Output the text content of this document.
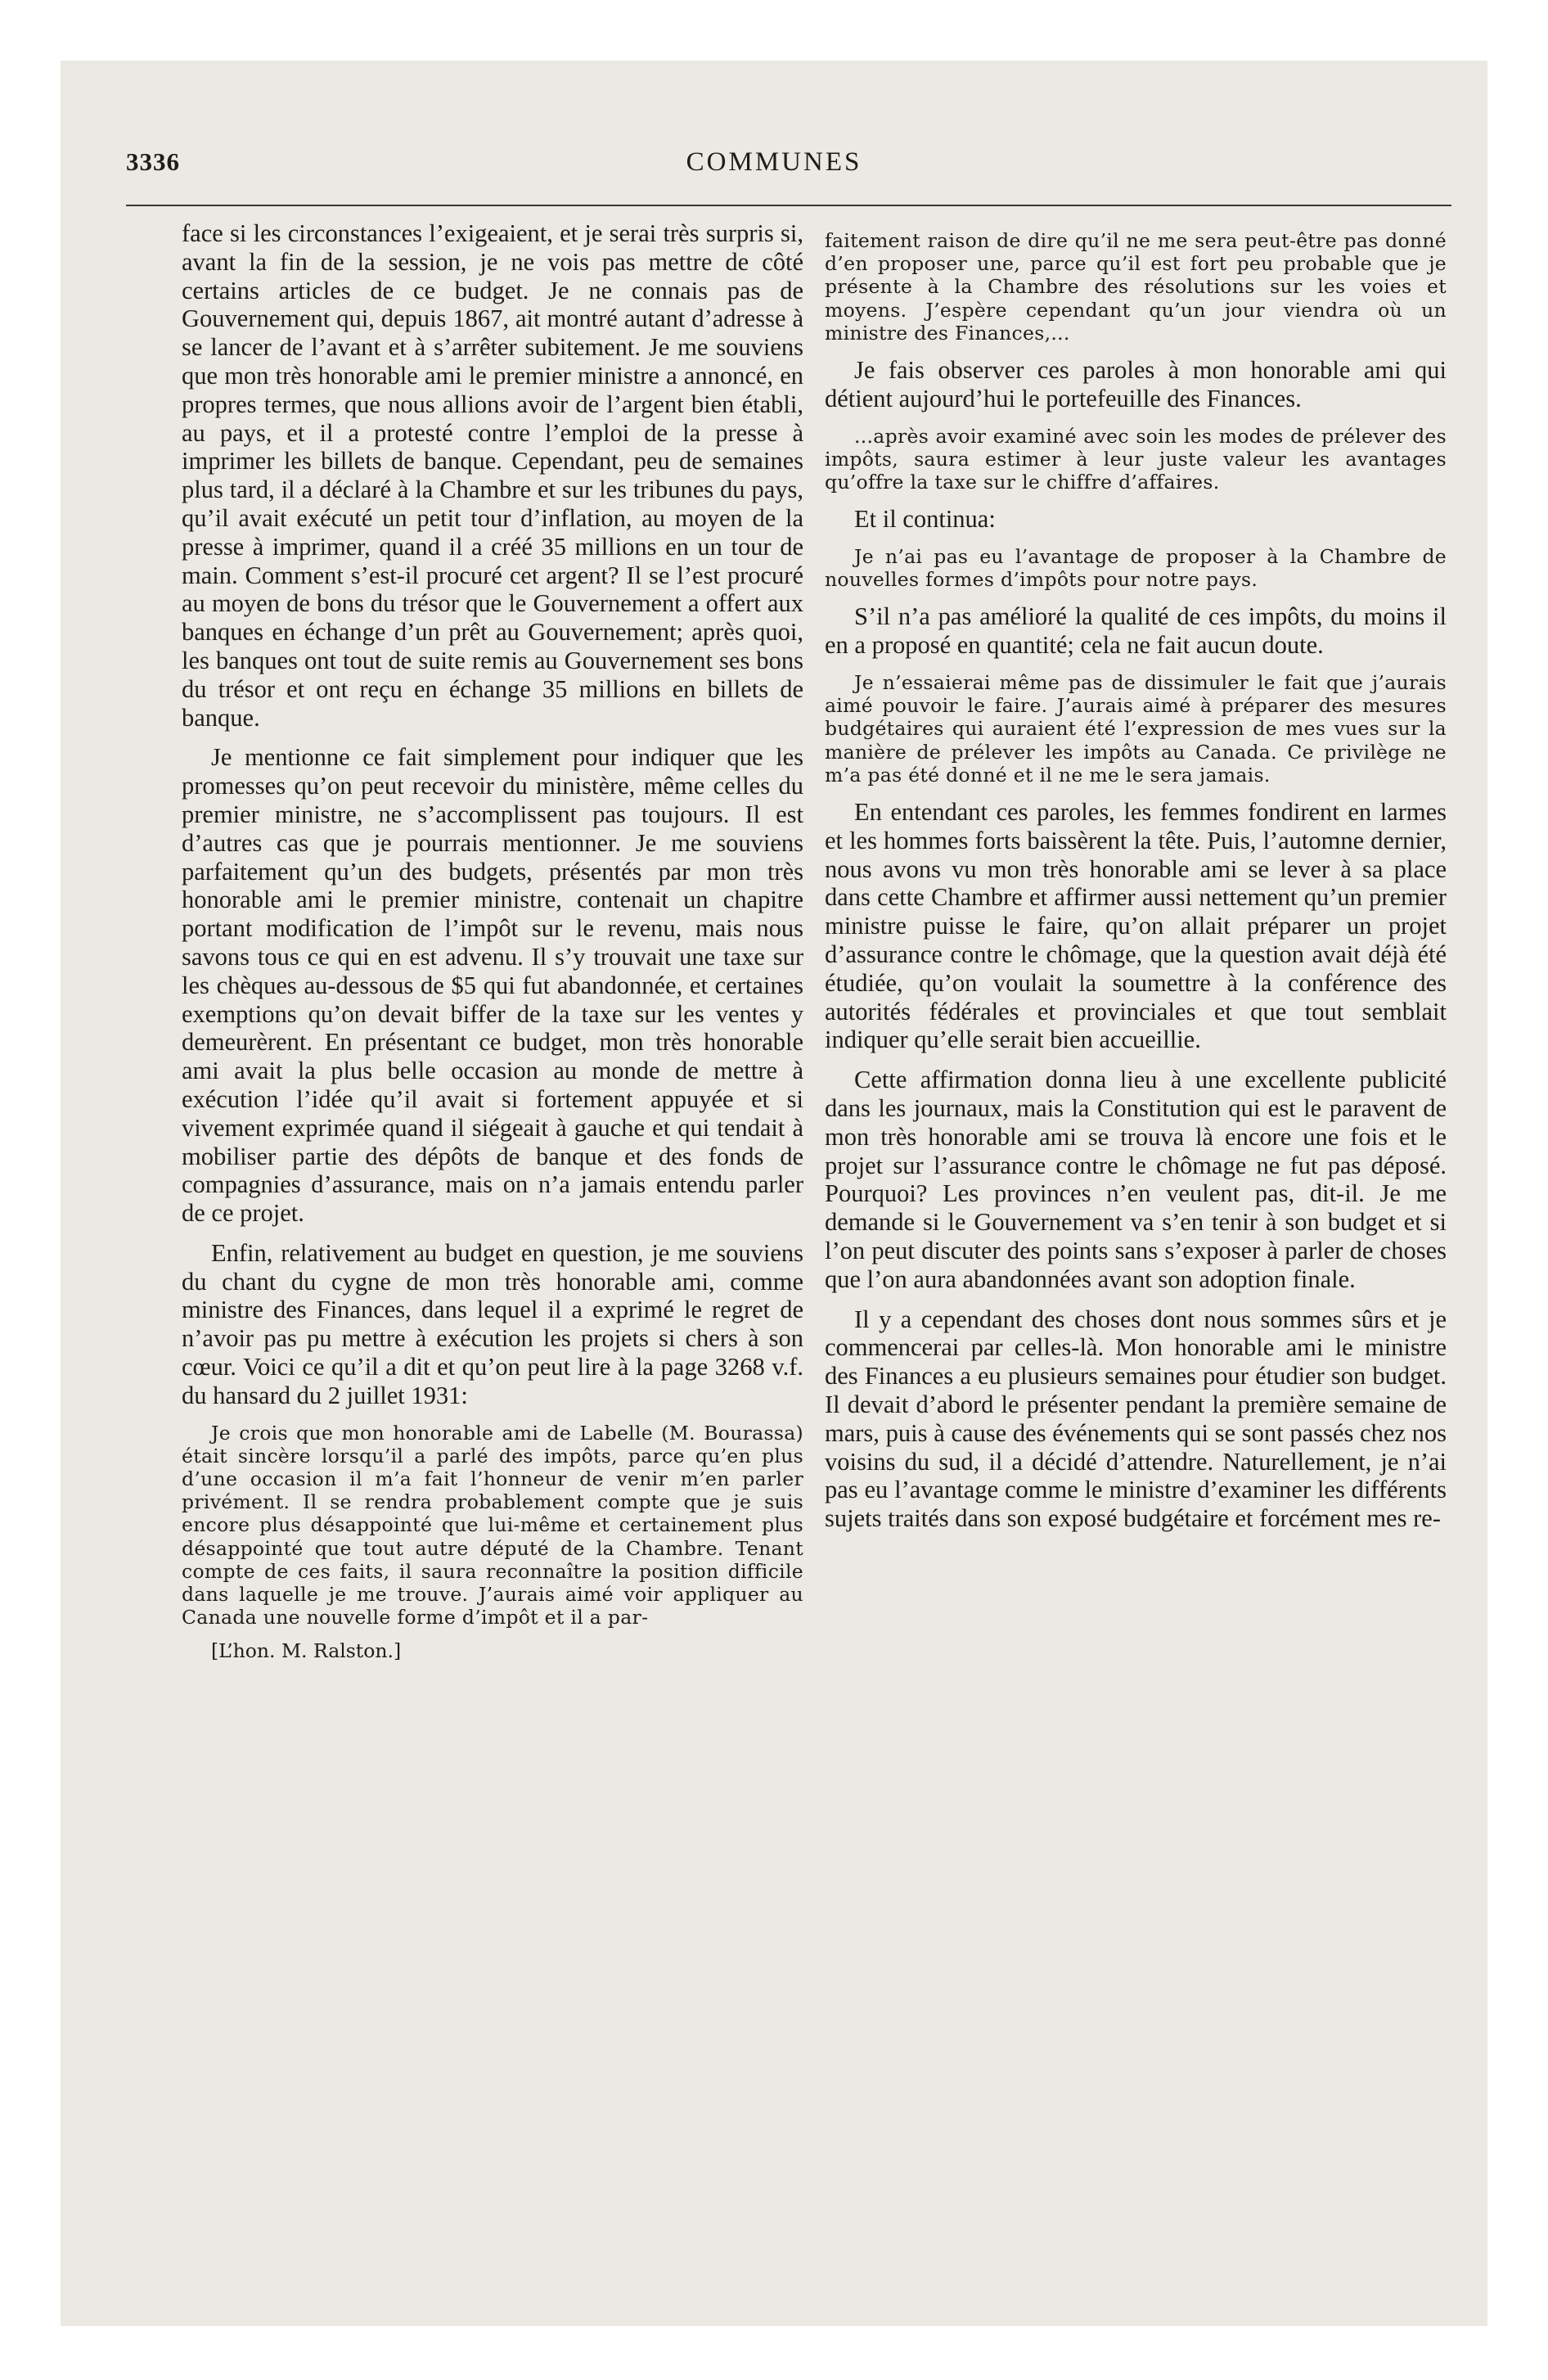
3336	COMMUNES

face si les circonstances l’exigeaient, et je serai très surpris si, avant la fin de la session, je ne vois pas mettre de côté certains articles de ce budget. Je ne connais pas de Gouvernement qui, depuis 1867, ait montré autant d’adresse à se lancer de l’avant et à s’arrêter subitement. Je me souviens que mon très honorable ami le premier ministre a annoncé, en propres termes, que nous allions avoir de l’argent bien établi, au pays, et il a protesté contre l’emploi de la presse à imprimer les billets de banque. Cependant, peu de semaines plus tard, il a déclaré à la Chambre et sur les tribunes du pays, qu’il avait exécuté un petit tour d’inflation, au moyen de la presse à imprimer, quand il a créé 35 millions en un tour de main. Comment s’est-il procuré cet argent? Il se l’est procuré au moyen de bons du trésor que le Gouvernement a offert aux banques en échange d’un prêt au Gouvernement; après quoi, les banques ont tout de suite remis au Gouvernement ses bons du trésor et ont reçu en échange 35 millions en billets de banque.

Je mentionne ce fait simplement pour indiquer que les promesses qu’on peut recevoir du ministère, même celles du premier ministre, ne s’accomplissent pas toujours. Il est d’autres cas que je pourrais mentionner. Je me souviens parfaitement qu’un des budgets, présentés par mon très honorable ami le premier ministre, contenait un chapitre portant modification de l’impôt sur le revenu, mais nous savons tous ce qui en est advenu. Il s’y trouvait une taxe sur les chèques au-dessous de $5 qui fut abandonnée, et certaines exemptions qu’on devait biffer de la taxe sur les ventes y demeurèrent. En présentant ce budget, mon très honorable ami avait la plus belle occasion au monde de mettre à exécution l’idée qu’il avait si fortement appuyée et si vivement exprimée quand il siégeait à gauche et qui tendait à mobiliser partie des dépôts de banque et des fonds de compagnies d’assurance, mais on n’a jamais entendu parler de ce projet.

Enfin, relativement au budget en question, je me souviens du chant du cygne de mon très honorable ami, comme ministre des Finances, dans lequel il a exprimé le regret de n’avoir pas pu mettre à exécution les projets si chers à son cœur. Voici ce qu’il a dit et qu’on peut lire à la page 3268 v.f. du hansard du 2 juillet 1931:

Je crois que mon honorable ami de Labelle (M. Bourassa) était sincère lorsqu’il a parlé des impôts, parce qu’en plus d’une occasion il m’a fait l’honneur de venir m’en parler privément. Il se rendra probablement compte que je suis encore plus désappointé que lui-même et certainement plus désappointé que tout autre député de la Chambre. Tenant compte de ces faits, il saura reconnaître la position difficile dans laquelle je me trouve. J’aurais aimé voir appliquer au Canada une nouvelle forme d’impôt et il a par-

[L’hon. M. Ralston.]

faitement raison de dire qu’il ne me sera peut-être pas donné d’en proposer une, parce qu’il est fort peu probable que je présente à la Chambre des résolutions sur les voies et moyens. J’espère cependant qu’un jour viendra où un ministre des Finances,...

Je fais observer ces paroles à mon honorable ami qui détient aujourd’hui le portefeuille des Finances.

...après avoir examiné avec soin les modes de prélever des impôts, saura estimer à leur juste valeur les avantages qu’offre la taxe sur le chiffre d’affaires.

Et il continua:

Je n’ai pas eu l’avantage de proposer à la Chambre de nouvelles formes d’impôts pour notre pays.

S’il n’a pas amélioré la qualité de ces impôts, du moins il en a proposé en quantité; cela ne fait aucun doute.

Je n’essaierai même pas de dissimuler le fait que j’aurais aimé pouvoir le faire. J’aurais aimé à préparer des mesures budgétaires qui auraient été l’expression de mes vues sur la manière de prélever les impôts au Canada. Ce privilège ne m’a pas été donné et il ne me le sera jamais.

En entendant ces paroles, les femmes fondirent en larmes et les hommes forts baissèrent la tête. Puis, l’automne dernier, nous avons vu mon très honorable ami se lever à sa place dans cette Chambre et affirmer aussi nettement qu’un premier ministre puisse le faire, qu’on allait préparer un projet d’assurance contre le chômage, que la question avait déjà été étudiée, qu’on voulait la soumettre à la conférence des autorités fédérales et provinciales et que tout semblait indiquer qu’elle serait bien accueillie.

Cette affirmation donna lieu à une excellente publicité dans les journaux, mais la Constitution qui est le paravent de mon très honorable ami se trouva là encore une fois et le projet sur l’assurance contre le chômage ne fut pas déposé. Pourquoi? Les provinces n’en veulent pas, dit-il. Je me demande si le Gouvernement va s’en tenir à son budget et si l’on peut discuter des points sans s’exposer à parler de choses que l’on aura abandonnées avant son adoption finale.

Il y a cependant des choses dont nous sommes sûrs et je commencerai par celles-là. Mon honorable ami le ministre des Finances a eu plusieurs semaines pour étudier son budget. Il devait d’abord le présenter pendant la première semaine de mars, puis à cause des événements qui se sont passés chez nos voisins du sud, il a décidé d’attendre. Naturellement, je n’ai pas eu l’avantage comme le ministre d’examiner les différents sujets traités dans son exposé budgétaire et forcément mes re-
